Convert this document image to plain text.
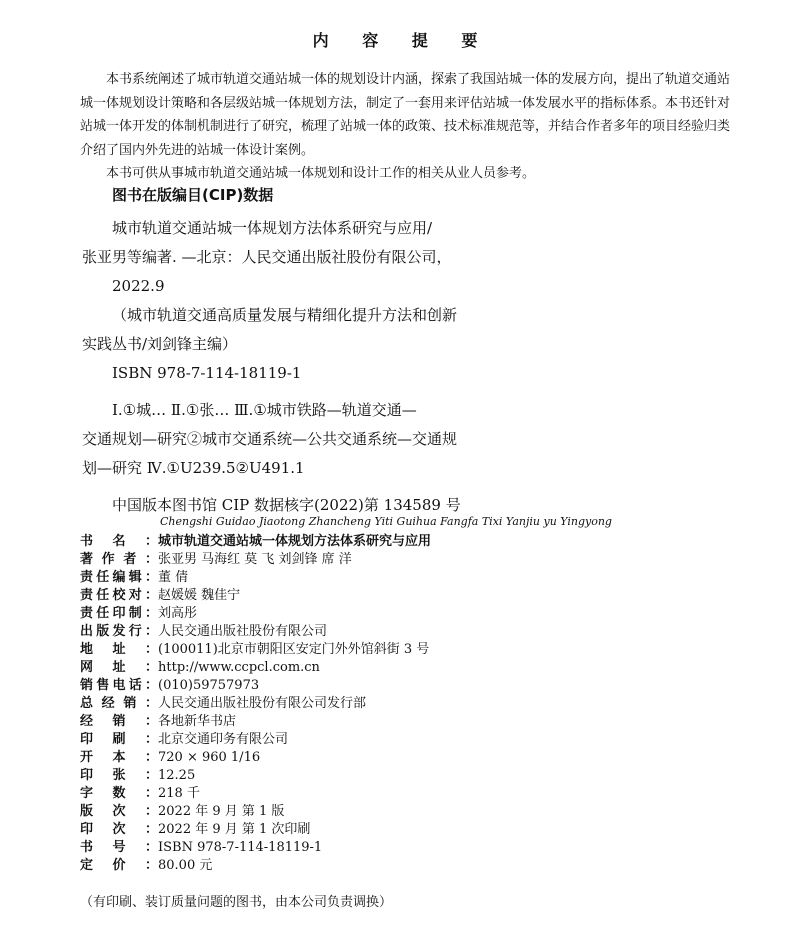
内 容 提 要

本书系统阐述了城市轨道交通站城一体的规划设计内涵，探索了我国站城一体的发展方向，提出了轨道交通站城一体规划设计策略和各层级站城一体规划方法，制定了一套用来评估站城一体发展水平的指标体系。本书还针对站城一体开发的体制机制进行了研究，梳理了站城一体的政策、技术标准规范等，并结合作者多年的项目经验归类介绍了国内外先进的站城一体设计案例。

本书可供从事城市轨道交通站城一体规划和设计工作的相关从业人员参考。

图书在版编目(CIP)数据

城市轨道交通站城一体规划方法体系研究与应用/

张亚男等编著. —北京：人民交通出版社股份有限公司，

2022.9

（城市轨道交通高质量发展与精细化提升方法和创新

实践丛书/刘剑锋主编）

ISBN 978-7-114-18119-1

Ⅰ.①城… Ⅱ.①张… Ⅲ.①城市铁路—轨道交通—

交通规划—研究②城市交通系统—公共交通系统—交通规

划—研究 Ⅳ.①U239.5②U491.1

中国版本图书馆 CIP 数据核字(2022)第 134589 号

Chengshi Guidao Jiaotong Zhancheng Yiti Guihua Fangfa Tixi Yanjiu yu Yingyong
书 名 ： 城市轨道交通站城一体规划方法体系研究与应用
著 作 者 ： 张亚男 马海红 莫 飞 刘剑锋 席 洋
责 任 编 辑 ： 董 倩
责 任 校 对 ： 赵媛媛 魏佳宁
责 任 印 制 ： 刘高彤
出 版 发 行 ： 人民交通出版社股份有限公司
地 址 ： (100011)北京市朝阳区安定门外外馆斜街 3 号
网 址 ： http://www.ccpcl.com.cn
销 售 电 话 ： (010)59757973
总 经 销 ： 人民交通出版社股份有限公司发行部
经 销 ： 各地新华书店
印 刷 ： 北京交通印务有限公司
开 本 ： 720 × 960 1/16
印 张 ： 12.25
字 数 ： 218 千
版 次 ： 2022 年 9 月 第 1 版
印 次 ： 2022 年 9 月 第 1 次印刷
书 号 ： ISBN 978-7-114-18119-1
定 价 ： 80.00 元
（有印刷、装订质量问题的图书，由本公司负责调换）
